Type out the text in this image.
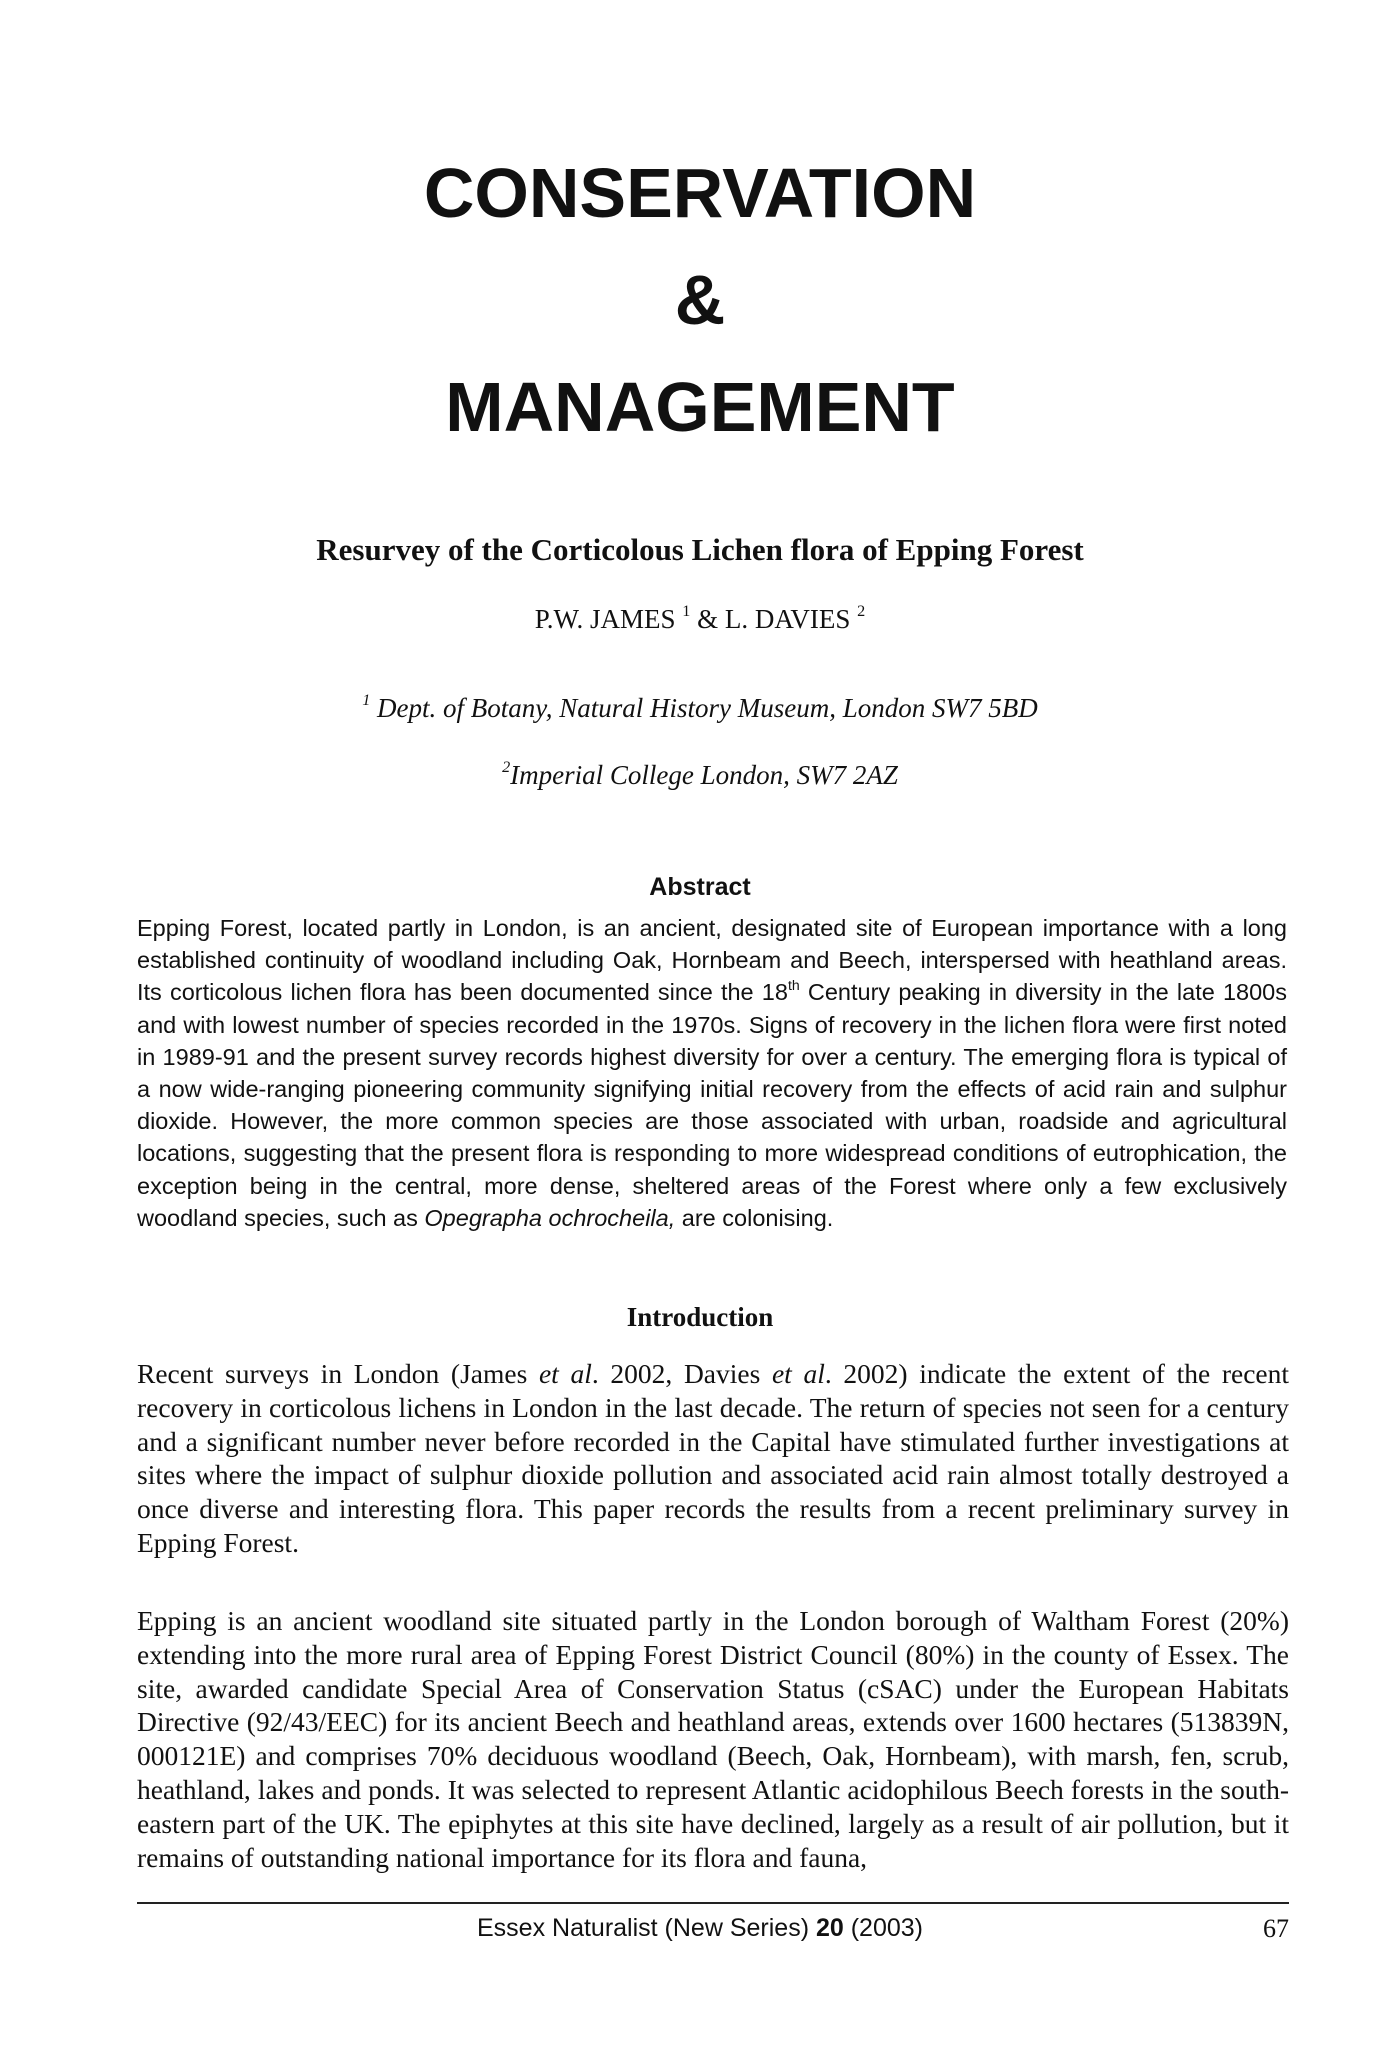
CONSERVATION
&
MANAGEMENT
Resurvey of the Corticolous Lichen flora of Epping Forest
P.W. JAMES $^1$ & L. DAVIES $^2$
$^1$ Dept. of Botany, Natural History Museum, London SW7 5BD
$^2$Imperial College London, SW7 2AZ
Abstract

Epping Forest, located partly in London, is an ancient, designated site of European importance with a long established continuity of woodland including Oak, Hornbeam and Beech, interspersed with heathland areas. Its corticolous lichen flora has been documented since the 18th Century peaking in diversity in the late 1800s and with lowest number of species recorded in the 1970s. Signs of recovery in the lichen flora were first noted in 1989-91 and the present survey records highest diversity for over a century. The emerging flora is typical of a now wide-ranging pioneering community signifying initial recovery from the effects of acid rain and sulphur dioxide. However, the more common species are those associated with urban, roadside and agricultural locations, suggesting that the present flora is responding to more widespread conditions of eutrophication, the exception being in the central, more dense, sheltered areas of the Forest where only a few exclusively woodland species, such as Opegrapha ochrocheila, are colonising.

Introduction

Recent surveys in London (James et al. 2002, Davies et al. 2002) indicate the extent of the recent recovery in corticolous lichens in London in the last decade. The return of species not seen for a century and a significant number never before recorded in the Capital have stimulated further investigations at sites where the impact of sulphur dioxide pollution and associated acid rain almost totally destroyed a once diverse and interesting flora. This paper records the results from a recent preliminary survey in Epping Forest.

Epping is an ancient woodland site situated partly in the London borough of Waltham Forest (20%) extending into the more rural area of Epping Forest District Council (80%) in the county of Essex. The site, awarded candidate Special Area of Conservation Status (cSAC) under the European Habitats Directive (92/43/EEC) for its ancient Beech and heathland areas, extends over 1600 hectares (513839N, 000121E) and comprises 70% deciduous woodland (Beech, Oak, Hornbeam), with marsh, fen, scrub, heathland, lakes and ponds. It was selected to represent Atlantic acidophilous Beech forests in the south-eastern part of the UK. The epiphytes at this site have declined, largely as a result of air pollution, but it remains of outstanding national importance for its flora and fauna,

Essex Naturalist (New Series) 20 (2003)	67
